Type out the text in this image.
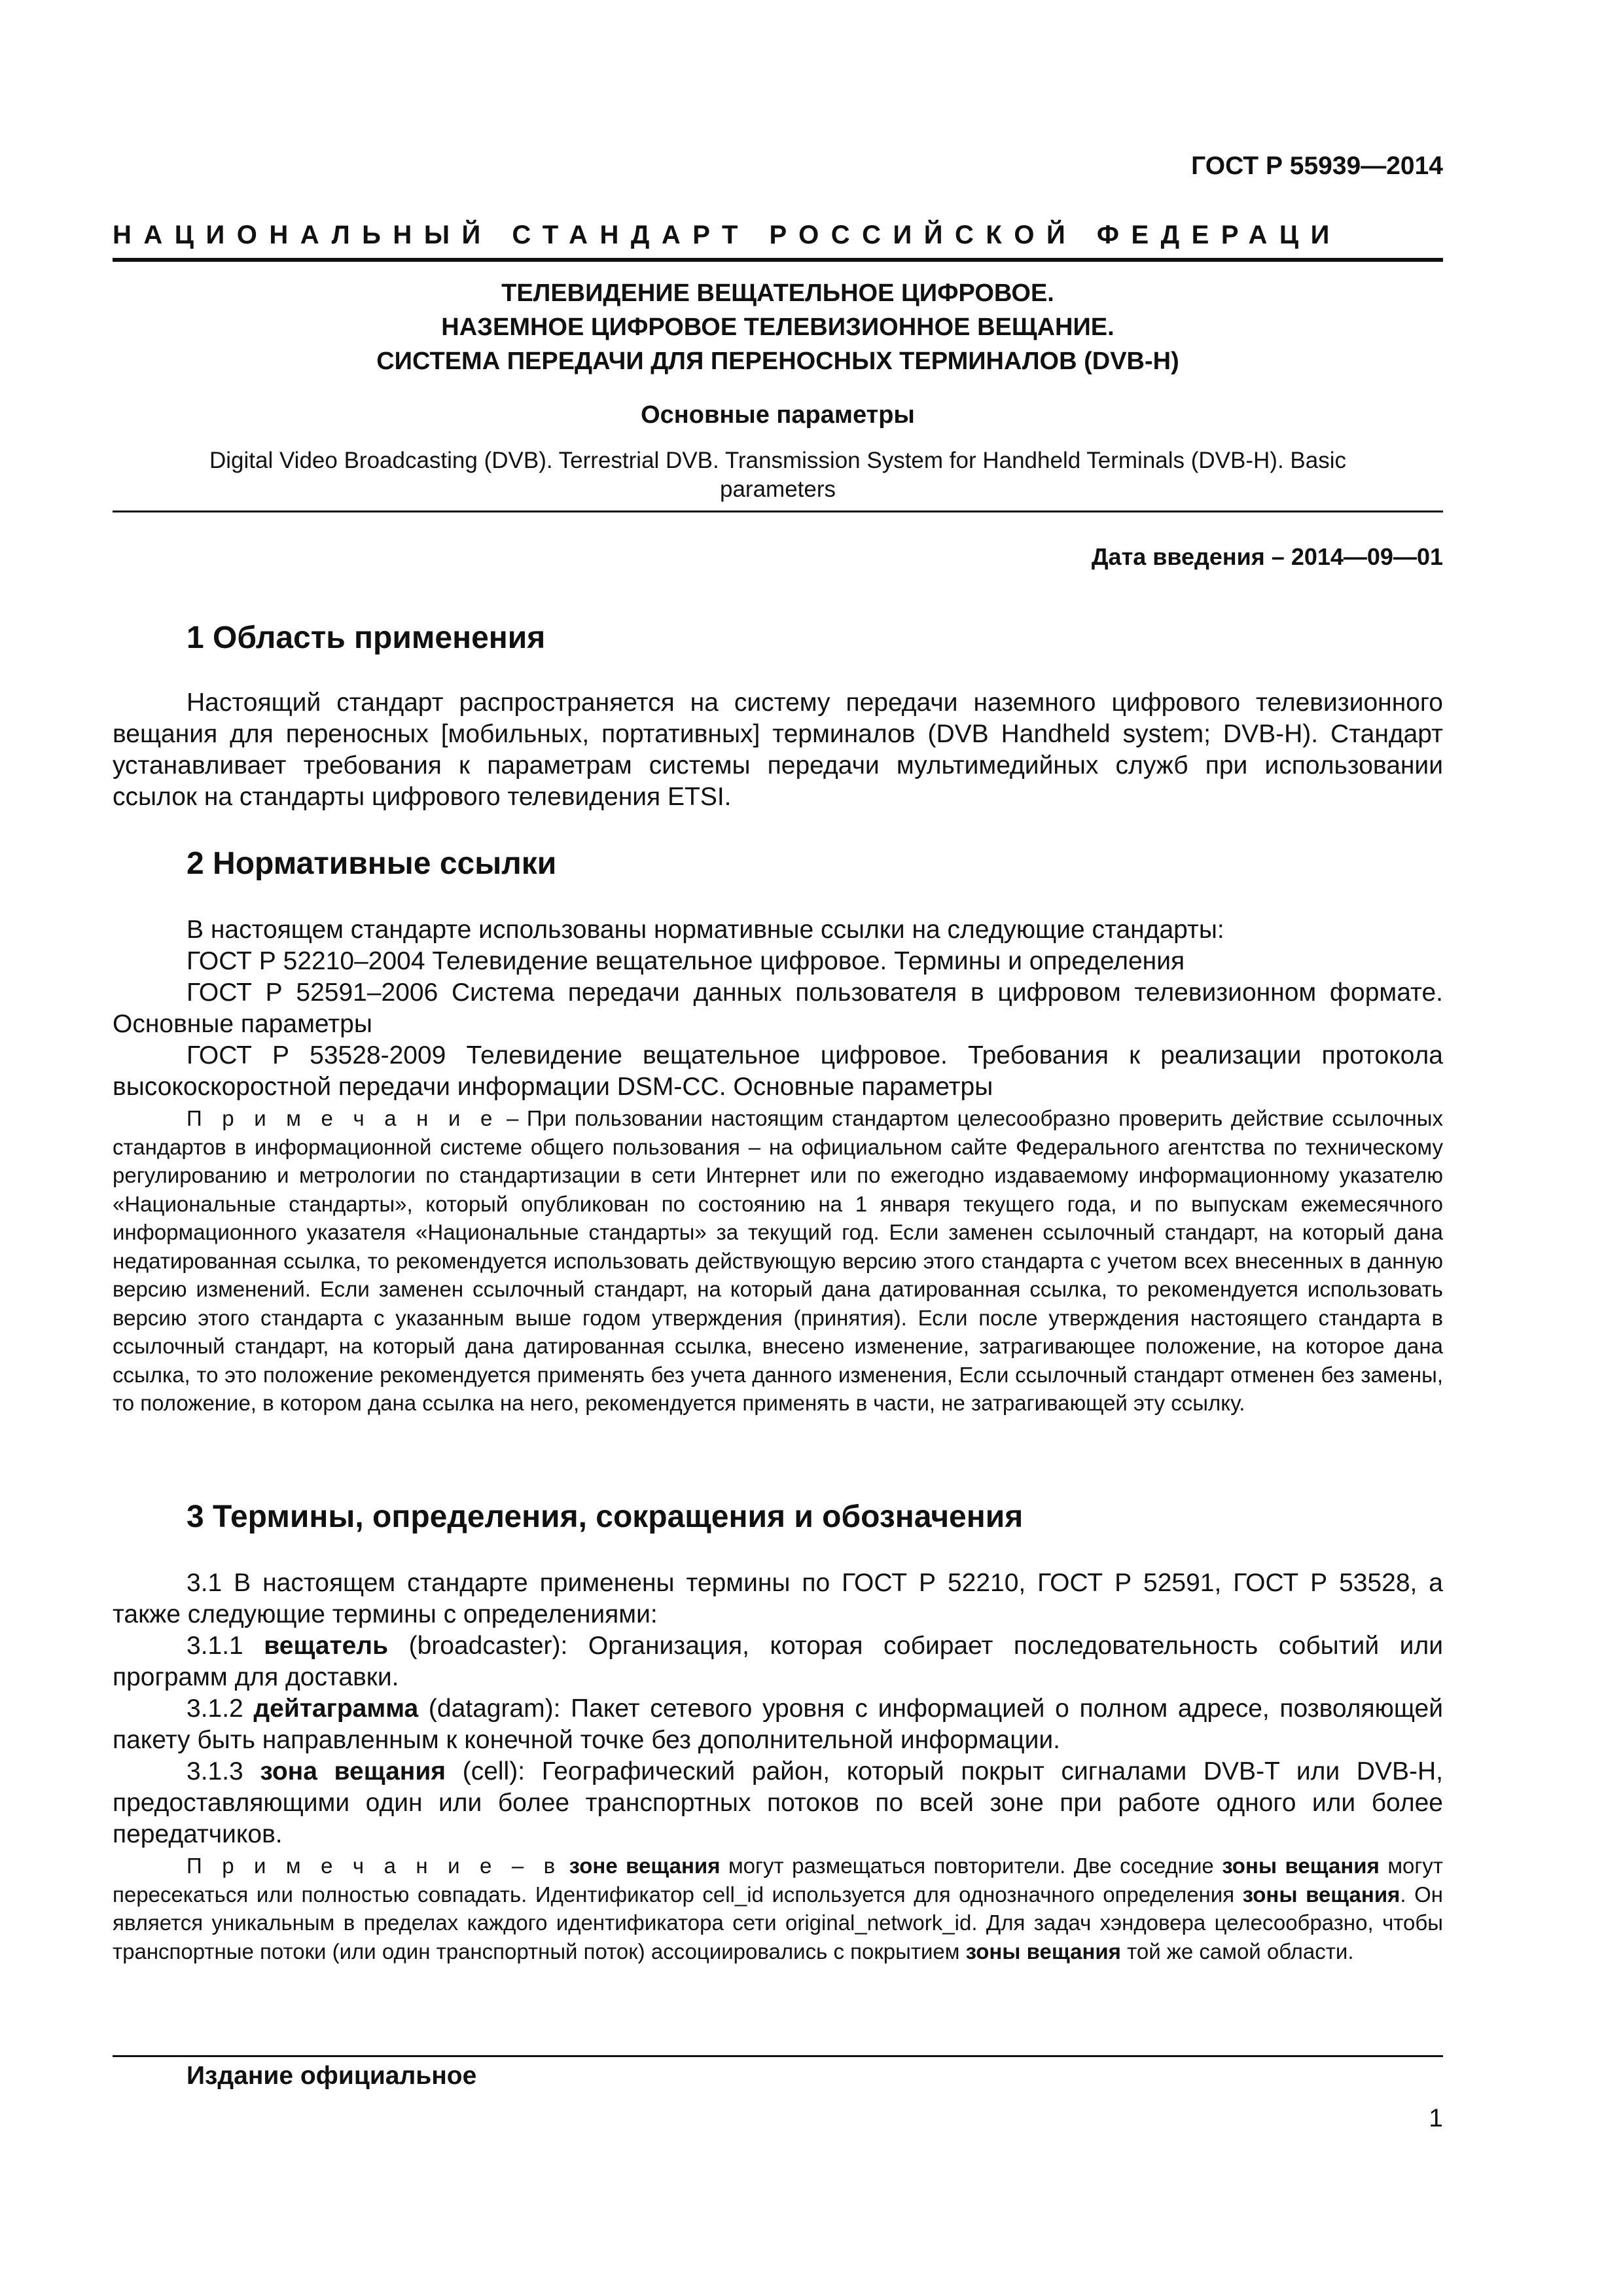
ГОСТ Р 55939—2014
НАЦИОНАЛЬНЫЙ СТАНДАРТ РОССИЙСКОЙ ФЕДЕРАЦИ
ТЕЛЕВИДЕНИЕ ВЕЩАТЕЛЬНОЕ ЦИФРОВОЕ.
НАЗЕМНОЕ ЦИФРОВОЕ ТЕЛЕВИЗИОННОЕ ВЕЩАНИЕ.
СИСТЕМА ПЕРЕДАЧИ ДЛЯ ПЕРЕНОСНЫХ ТЕРМИНАЛОВ (DVB-H)
Основные параметры
Digital Video Broadcasting (DVB). Terrestrial DVB. Transmission System for Handheld Terminals (DVB-H). Basic
parameters
Дата введения – 2014—09—01
1 Область применения

Настоящий стандарт распространяется на систему передачи наземного цифрового телевизионного вещания для переносных [мобильных, портативных] терминалов (DVB Handheld system; DVB-H). Стандарт устанавливает требования к параметрам системы передачи мультимедийных служб при использовании ссылок на стандарты цифрового телевидения ETSI.

2 Нормативные ссылки

В настоящем стандарте использованы нормативные ссылки на следующие стандарты:

ГОСТ Р 52210–2004 Телевидение вещательное цифровое. Термины и определения

ГОСТ Р 52591–2006 Система передачи данных пользователя в цифровом телевизионном формате. Основные параметры

ГОСТ Р 53528-2009 Телевидение вещательное цифровое. Требования к реализации протокола высокоскоростной передачи информации DSM-CC. Основные параметры

П р и м е ч а н и е – При пользовании настоящим стандартом целесообразно проверить действие ссылочных стандартов в информационной системе общего пользования – на официальном сайте Федерального агентства по техническому регулированию и метрологии по стандартизации в сети Интернет или по ежегодно издаваемому информационному указателю «Национальные стандарты», который опубликован по состоянию на 1 января текущего года, и по выпускам ежемесячного информационного указателя «Национальные стандарты» за текущий год. Если заменен ссылочный стандарт, на который дана недатированная ссылка, то рекомендуется использовать действующую версию этого стандарта с учетом всех внесенных в данную версию изменений. Если заменен ссылочный стандарт, на который дана датированная ссылка, то рекомендуется использовать версию этого стандарта с указанным выше годом утверждения (принятия). Если после утверждения настоящего стандарта в ссылочный стандарт, на который дана датированная ссылка, внесено изменение, затрагивающее положение, на которое дана ссылка, то это положение рекомендуется применять без учета данного изменения, Если ссылочный стандарт отменен без замены, то положение, в котором дана ссылка на него, рекомендуется применять в части, не затрагивающей эту ссылку.

3 Термины, определения, сокращения и обозначения

3.1 В настоящем стандарте применены термины по ГОСТ Р 52210, ГОСТ Р 52591, ГОСТ Р 53528, а также следующие термины с определениями:

3.1.1 вещатель (broadcaster): Организация, которая собирает последовательность событий или программ для доставки.

3.1.2 дейтаграмма (datagram): Пакет сетевого уровня с информацией о полном адресе, позволяющей пакету быть направленным к конечной точке без дополнительной информации.

3.1.3 зона вещания (cell): Географический район, который покрыт сигналами DVB-T или DVB-H, предоставляющими один или более транспортных потоков по всей зоне при работе одного или более передатчиков.

П р и м е ч а н и е – в зоне вещания могут размещаться повторители. Две соседние зоны вещания могут пересекаться или полностью совпадать. Идентификатор cell_id используется для однозначного определения зоны вещания. Он является уникальным в пределах каждого идентификатора сети original_network_id. Для задач хэндовера целесообразно, чтобы транспортные потоки (или один транспортный поток) ассоциировались с покрытием зоны вещания той же самой области.

Издание официальное
1
